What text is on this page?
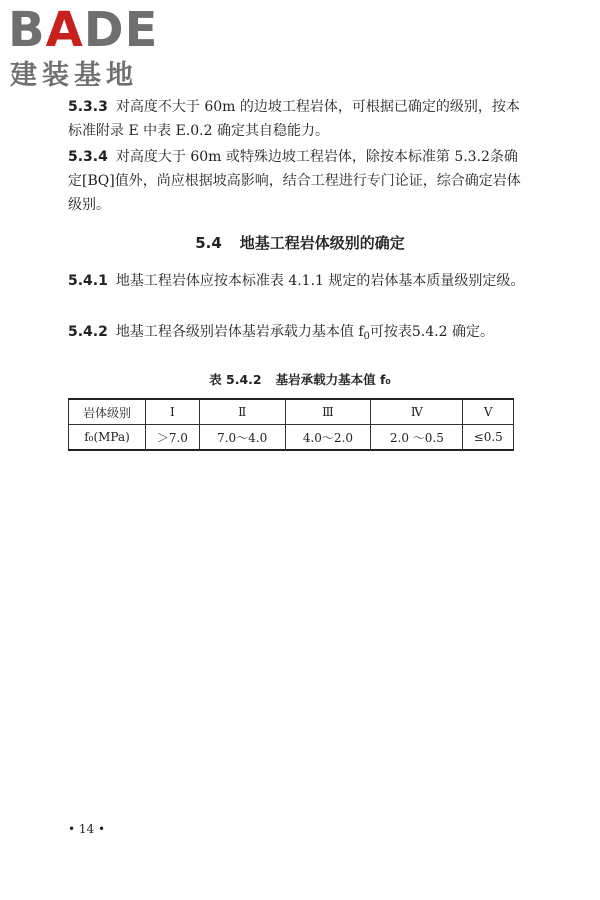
BADE
建装基地

5.3.3 对高度不大于 60m 的边坡工程岩体，可根据已确定的级别，按本标准附录 E 中表 E.0.2 确定其自稳能力。

5.3.4 对高度大于 60m 或特殊边坡工程岩体，除按本标准第 5.3.2条确定[BQ]值外，尚应根据坡高影响，结合工程进行专门论证，综合确定岩体级别。

5.4 地基工程岩体级别的确定

5.4.1 地基工程岩体应按本标准表 4.1.1 规定的岩体基本质量级别定级。

5.4.2 地基工程各级别岩体基岩承载力基本值 $f_0$可按表5.4.2 确定。

表 5.4.2 基岩承载力基本值 f₀
岩体级别	Ⅰ	Ⅱ	Ⅲ	Ⅳ	Ⅴ
f₀(MPa)	＞7.0	7.0～4.0	4.0～2.0	2.0 ～0.5	≤0.5
• 14 •
